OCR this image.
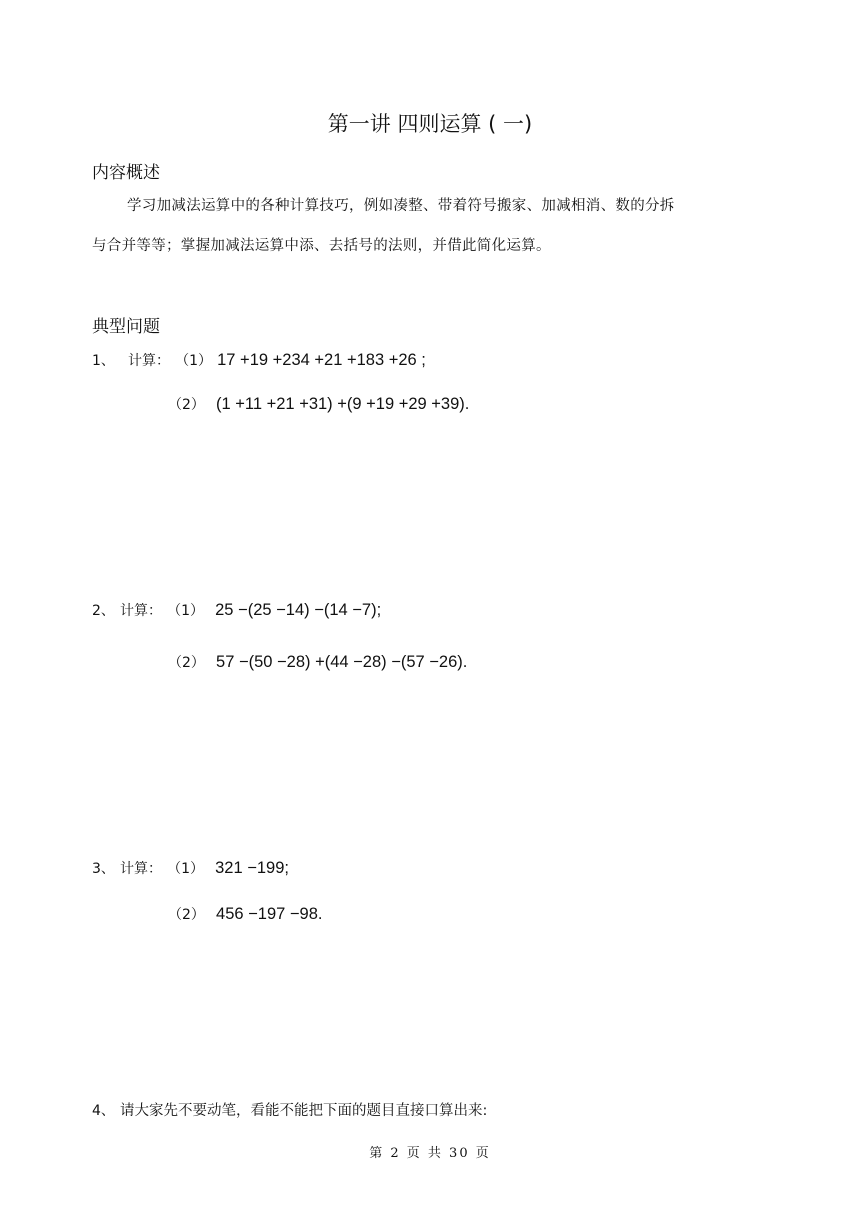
第一讲 四则运算 ( 一)
内容概述
学习加减法运算中的各种计算技巧，例如凑整、带着符号搬家、加减相消、数的分拆
与合并等等；掌握加减法运算中添、去括号的法则，并借此简化运算。
典型问题
1、 计算： （1） 17 +19 +234 +21 +183 +26 ;
（2） (1 +11 +21 +31) +(9 +19 +29 +39).
2、 计算： （1） 25 −(25 −14) −(14 −7);
（2） 57 −(50 −28) +(44 −28) −(57 −26).
3、 计算： （1） 321 −199;
（2） 456 −197 −98.
4、 请大家先不要动笔，看能不能把下面的题目直接口算出来:
第 2 页 共 30 页
